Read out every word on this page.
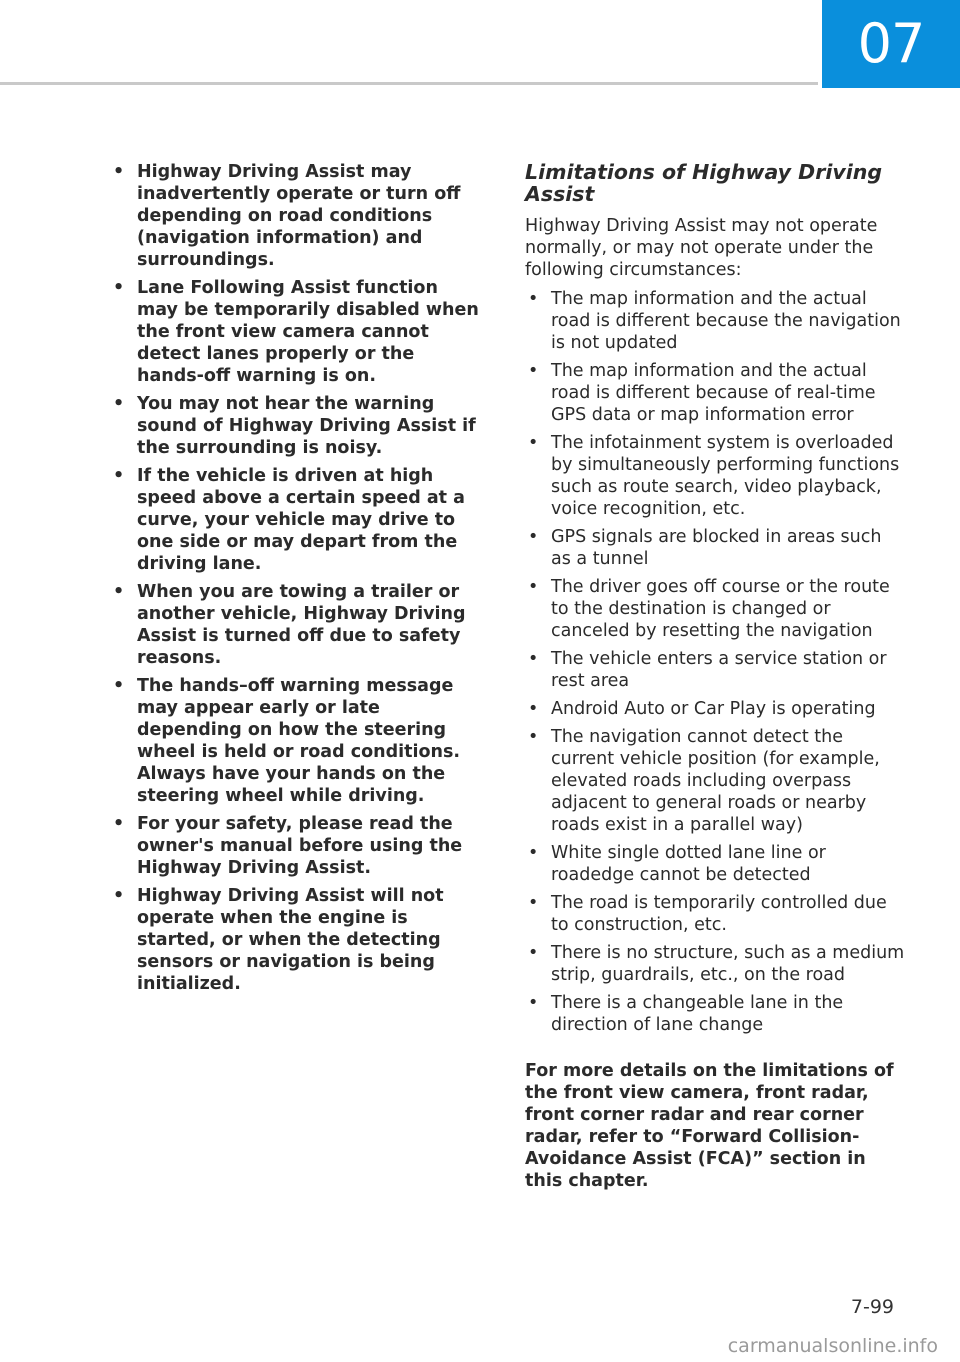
07
• Highway Driving Assist may inadvertently operate or turn off depending on road conditions (navigation information) and surroundings.
• Lane Following Assist function may be temporarily disabled when the front view camera cannot detect lanes properly or the hands-off warning is on.
• You may not hear the warning sound of Highway Driving Assist if the surrounding is noisy.
• If the vehicle is driven at high speed above a certain speed at a curve, your vehicle may drive to one side or may depart from the driving lane.
• When you are towing a trailer or another vehicle, Highway Driving Assist is turned off due to safety reasons.
• The hands–off warning message may appear early or late depending on how the steering wheel is held or road conditions. Always have your hands on the steering wheel while driving.
• For your safety, please read the owner's manual before using the Highway Driving Assist.
• Highway Driving Assist will not operate when the engine is started, or when the detecting sensors or navigation is being initialized.
Limitations of Highway Driving Assist

Highway Driving Assist may not operate normally, or may not operate under the following circumstances:

• The map information and the actual road is different because the navigation is not updated
• The map information and the actual road is different because of real-time GPS data or map information error
• The infotainment system is overloaded by simultaneously performing functions such as route search, video playback, voice recognition, etc.
• GPS signals are blocked in areas such as a tunnel
• The driver goes off course or the route to the destination is changed or canceled by resetting the navigation
• The vehicle enters a service station or rest area
• Android Auto or Car Play is operating
• The navigation cannot detect the current vehicle position (for example, elevated roads including overpass adjacent to general roads or nearby roads exist in a parallel way)
• White single dotted lane line or roadedge cannot be detected
• The road is temporarily controlled due to construction, etc.
• There is no structure, such as a medium strip, guardrails, etc., on the road
• There is a changeable lane in the direction of lane change

For more details on the limitations of the front view camera, front radar, front corner radar and rear corner radar, refer to “Forward Collision-Avoidance Assist (FCA)” section in this chapter.

7-99
carmanualsonline.info
